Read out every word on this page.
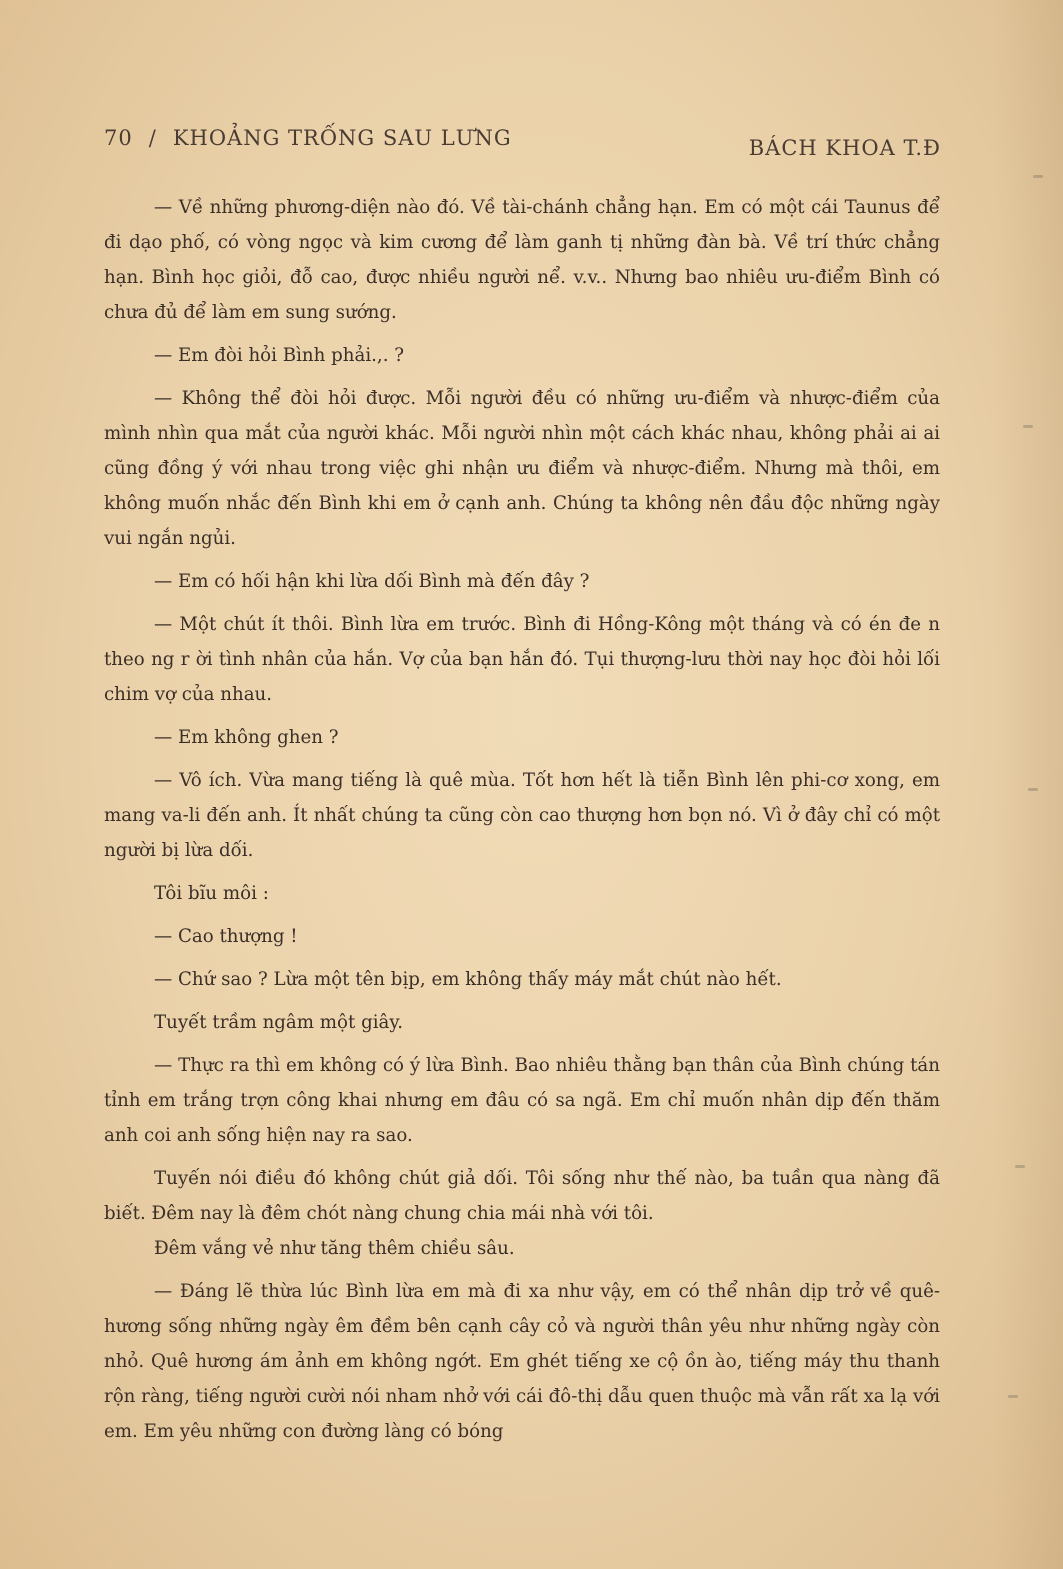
70 / KHOẢNG TRỐNG SAU LƯNG	BÁCH KHOA T.Đ

— Về những phương-diện nào đó. Về tài-chánh chẳng hạn. Em có một cái Taunus để đi dạo phố, có vòng ngọc và kim cương để làm ganh tị những đàn bà. Về trí thức chẳng hạn. Bình học giỏi, đỗ cao, được nhiều người nể. v.v.. Nhưng bao nhiêu ưu-điểm Bình có chưa đủ để làm em sung sướng.

— Em đòi hỏi Bình phải.,. ?

— Không thể đòi hỏi được. Mỗi người đều có những ưu-điểm và nhược-điểm của mình nhìn qua mắt của người khác. Mỗi người nhìn một cách khác nhau, không phải ai ai cũng đồng ý với nhau trong việc ghi nhận ưu điểm và nhược-điểm. Nhưng mà thôi, em không muốn nhắc đến Bình khi em ở cạnh anh. Chúng ta không nên đầu độc những ngày vui ngắn ngủi.

— Em có hối hận khi lừa dối Bình mà đến đây ?

— Một chút ít thôi. Bình lừa em trước. Bình đi Hồng-Kông một tháng và có én đe n theo ng r ời tình nhân của hắn. Vợ của bạn hắn đó. Tụi thượng-lưu thời nay học đòi hỏi lối chim vợ của nhau.

— Em không ghen ?

— Vô ích. Vừa mang tiếng là quê mùa. Tốt hơn hết là tiễn Bình lên phi-cơ xong, em mang va-li đến anh. Ít nhất chúng ta cũng còn cao thượng hơn bọn nó. Vì ở đây chỉ có một người bị lừa dối.

Tôi bĩu môi :

— Cao thượng !

— Chứ sao ? Lừa một tên bịp, em không thấy máy mắt chút nào hết.

Tuyết trầm ngâm một giây.

— Thực ra thì em không có ý lừa Bình. Bao nhiêu thằng bạn thân của Bình chúng tán tỉnh em trắng trợn công khai nhưng em đâu có sa ngã. Em chỉ muốn nhân dịp đến thăm anh coi anh sống hiện nay ra sao.

Tuyến nói điều đó không chút giả dối. Tôi sống như thế nào, ba tuần qua nàng đã biết. Đêm nay là đêm chót nàng chung chia mái nhà với tôi.

Đêm vắng vẻ như tăng thêm chiều sâu.

— Đáng lẽ thừa lúc Bình lừa em mà đi xa như vậy, em có thể nhân dịp trở về quê-hương sống những ngày êm đềm bên cạnh cây cỏ và người thân yêu như những ngày còn nhỏ. Quê hương ám ảnh em không ngớt. Em ghét tiếng xe cộ ồn ào, tiếng máy thu thanh rộn ràng, tiếng người cười nói nham nhở với cái đô-thị dẫu quen thuộc mà vẫn rất xa lạ với em. Em yêu những con đường làng có bóng
